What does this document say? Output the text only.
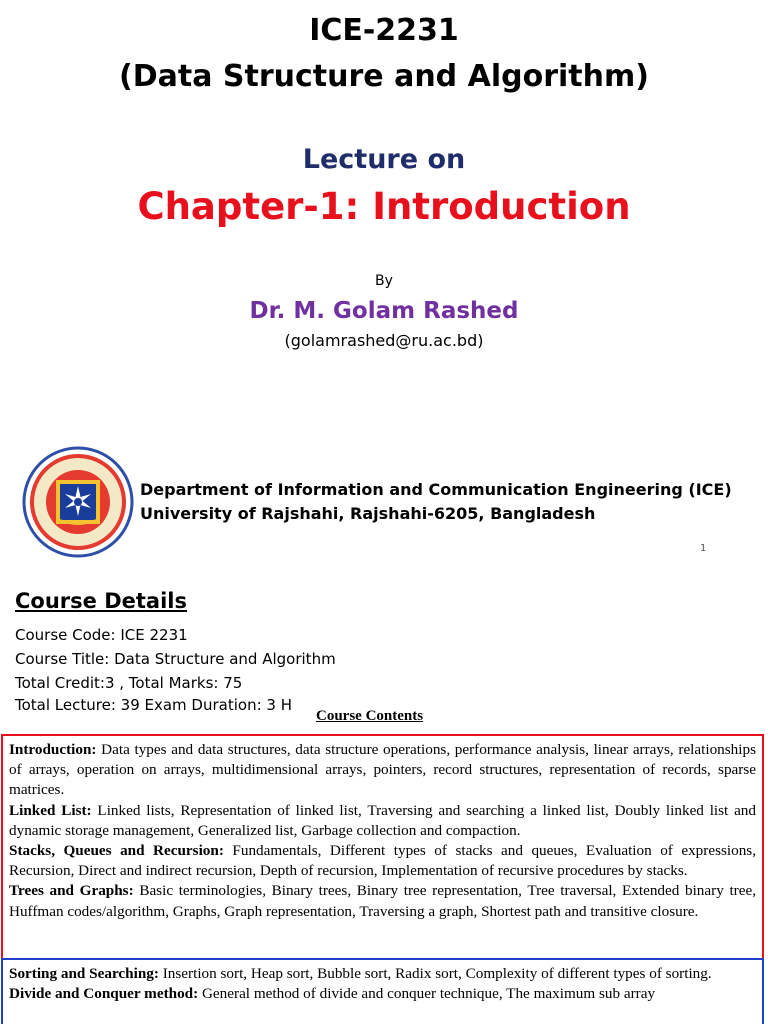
ICE-2231
(Data Structure and Algorithm)
Lecture on
Chapter-1: Introduction
By
Dr. M. Golam Rashed
(golamrashed@ru.ac.bd)
Department of Information and Communication Engineering (ICE)
University of Rajshahi, Rajshahi-6205, Bangladesh
1
Course Details
Course Code: ICE 2231
Course Title: Data Structure and Algorithm
Total Credit:3 , Total Marks: 75
Total Lecture: 39 Exam Duration: 3 H
Course Contents

Introduction: Data types and data structures, data structure operations, performance analysis, linear arrays, relationships of arrays, operation on arrays, multidimensional arrays, pointers, record structures, representation of records, sparse matrices.

Linked List: Linked lists, Representation of linked list, Traversing and searching a linked list, Doubly linked list and dynamic storage management, Generalized list, Garbage collection and compaction.

Stacks, Queues and Recursion: Fundamentals, Different types of stacks and queues, Evaluation of expressions, Recursion, Direct and indirect recursion, Depth of recursion, Implementation of recursive procedures by stacks.

Trees and Graphs: Basic terminologies, Binary trees, Binary tree representation, Tree traversal, Extended binary tree, Huffman codes/algorithm, Graphs, Graph representation, Traversing a graph, Shortest path and transitive closure.

Sorting and Searching: Insertion sort, Heap sort, Bubble sort, Radix sort, Complexity of different types of sorting.

Divide and Conquer method: General method of divide and conquer technique, The maximum sub array
